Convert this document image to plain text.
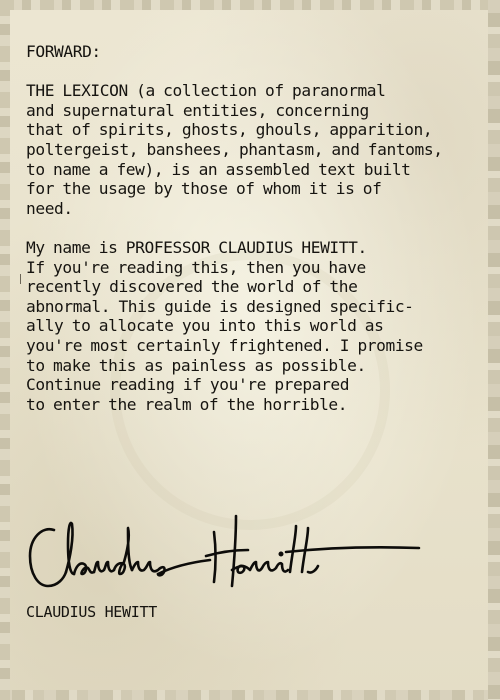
FORWARD:
THE LEXICON (a collection of paranormal
and supernatural entities, concerning
that of spirits, ghosts, ghouls, apparition,
poltergeist, banshees, phantasm, and fantoms,
to name a few), is an assembled text built
for the usage by those of whom it is of
need.
My name is PROFESSOR CLAUDIUS HEWITT.
If you're reading this, then you have
recently discovered the world of the
abnormal. This guide is designed specific-
ally to allocate you into this world as
you're most certainly frightened. I promise
to make this as painless as possible.
Continue reading if you're prepared
to enter the realm of the horrible.
CLAUDIUS HEWITT
